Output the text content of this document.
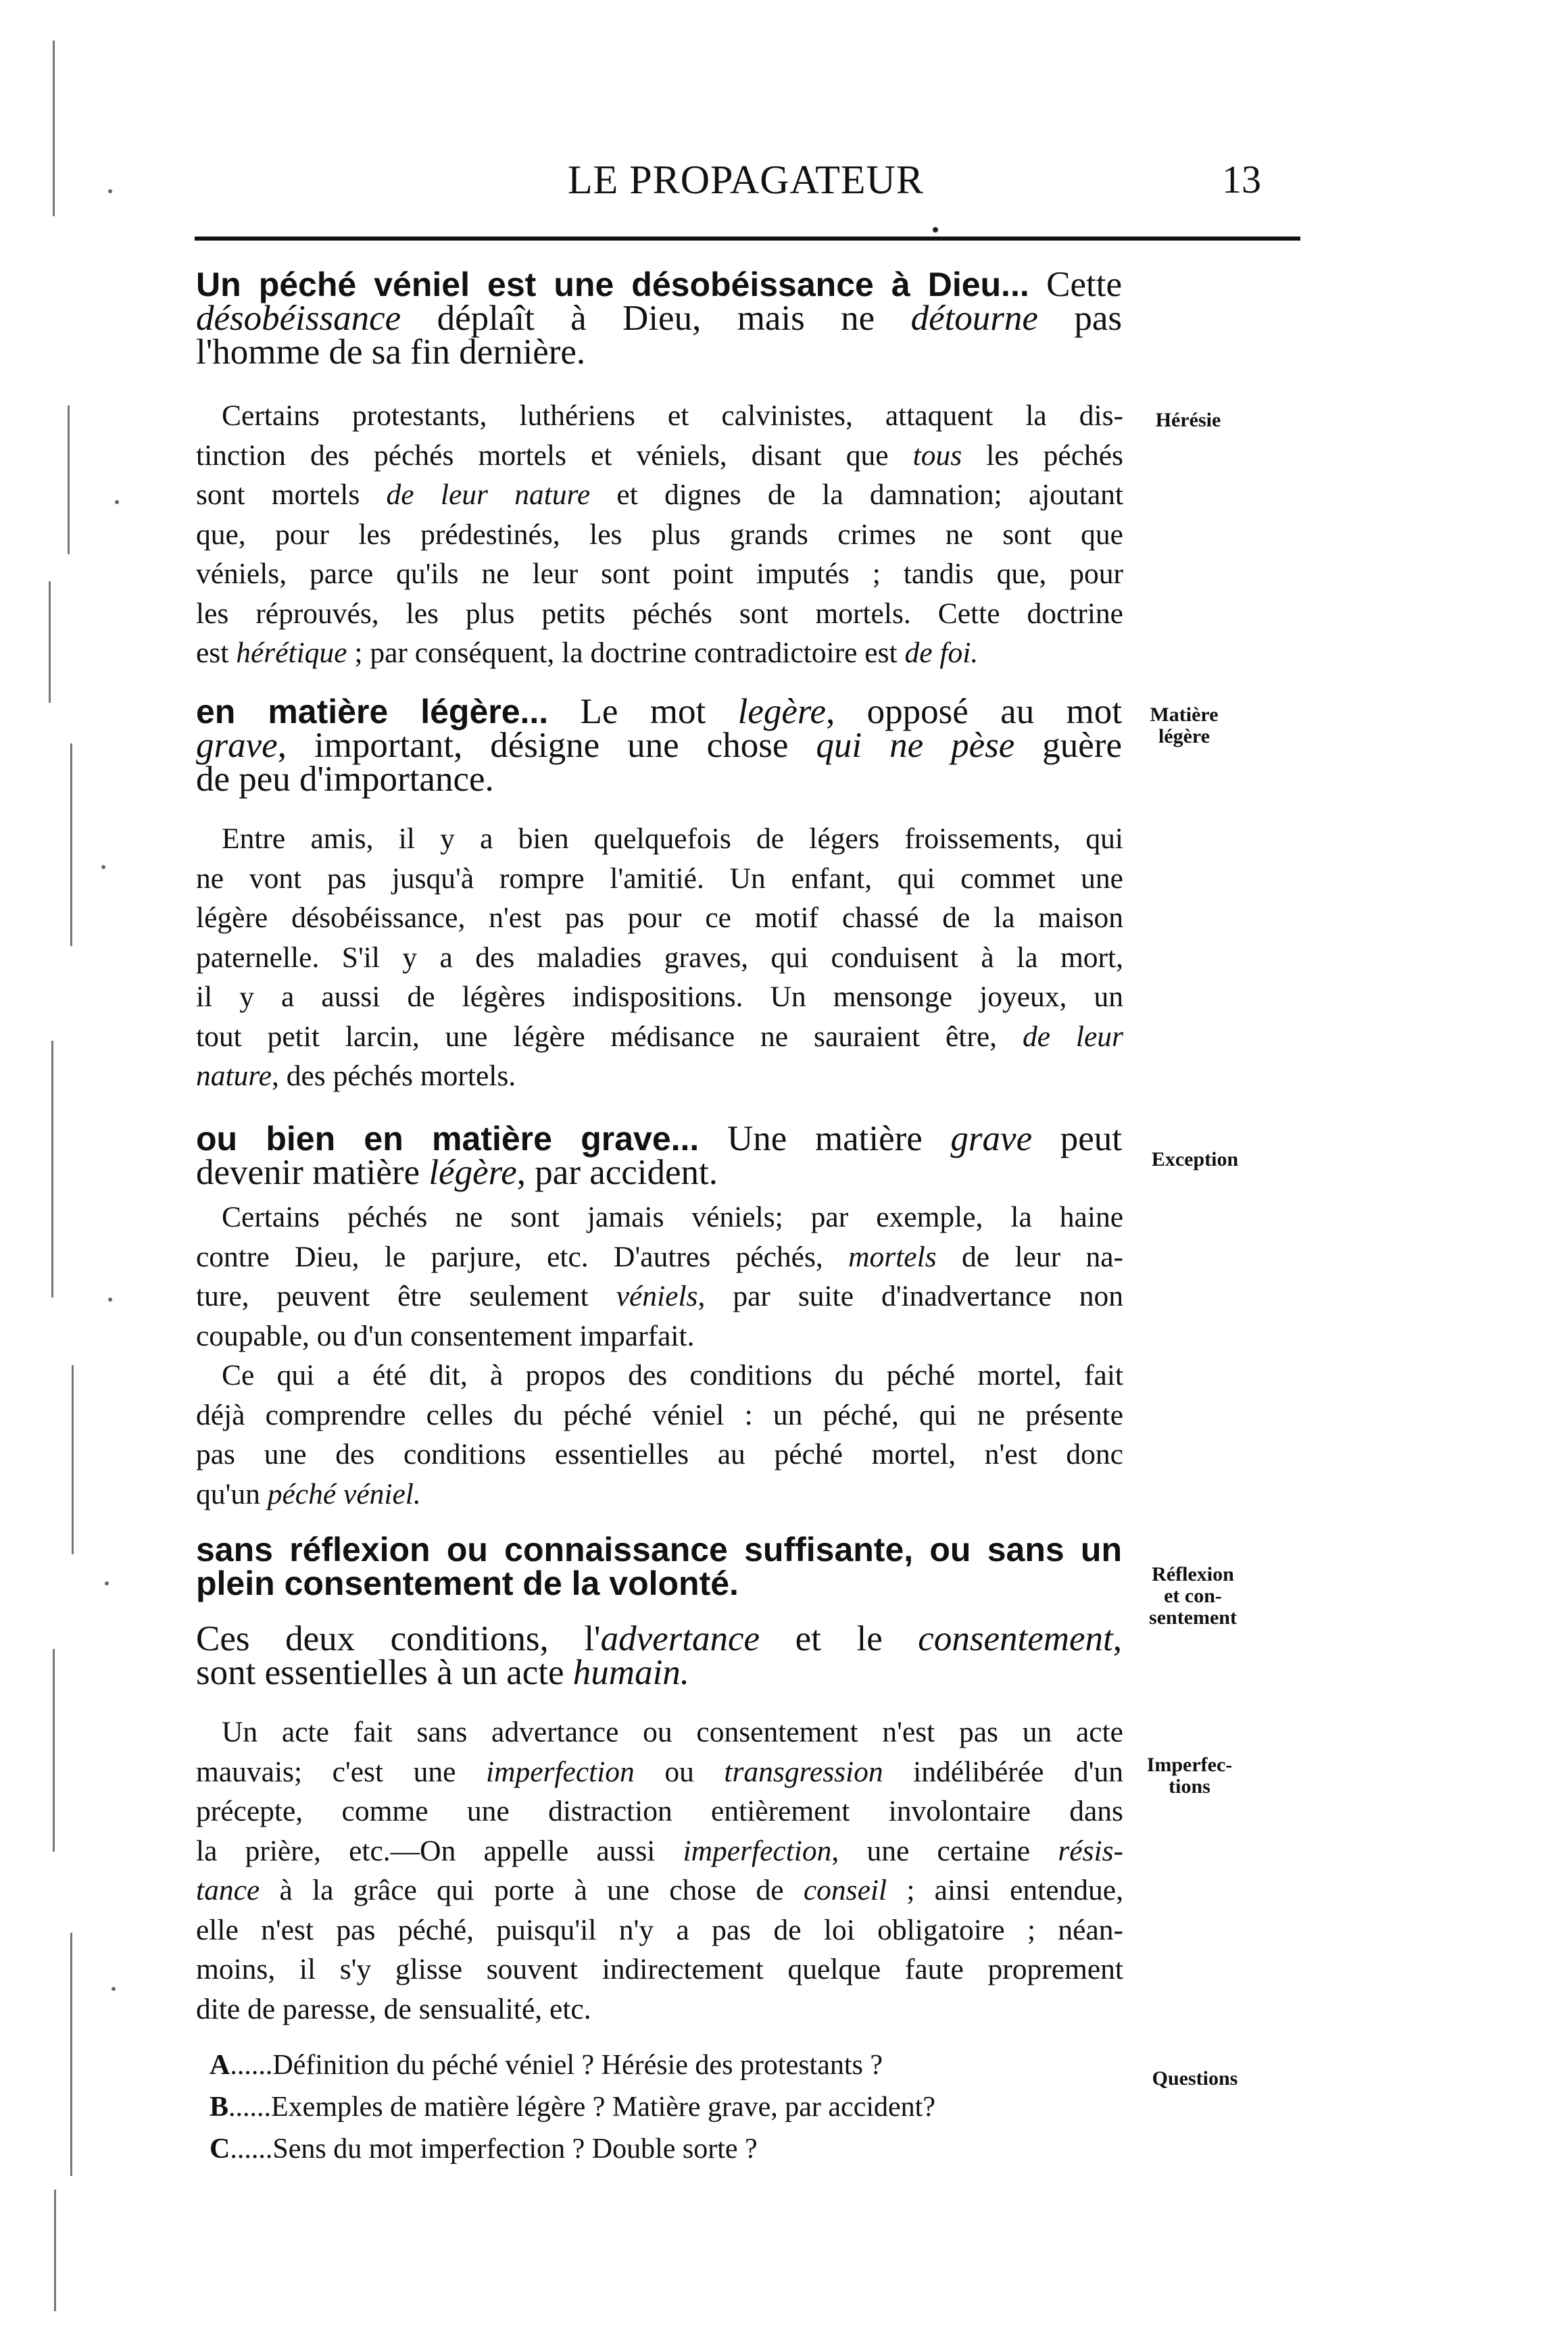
LE PROPAGATEUR	13
Un péché véniel est une désobéissance à Dieu... Cette
désobéissance déplaît à Dieu, mais ne détourne pas
l'homme de sa fin dernière.
Certains protestants, luthériens et calvinistes, attaquent la dis-
tinction des péchés mortels et véniels, disant que tous les péchés
sont mortels de leur nature et dignes de la damnation; ajoutant
que, pour les prédestinés, les plus grands crimes ne sont que
véniels, parce qu'ils ne leur sont point imputés ; tandis que, pour
les réprouvés, les plus petits péchés sont mortels. Cette doctrine
est hérétique ; par conséquent, la doctrine contradictoire est de foi.
Hérésie
en matière légère... Le mot legère, opposé au mot
grave, important, désigne une chose qui ne pèse guère
de peu d'importance.
Entre amis, il y a bien quelquefois de légers froissements, qui
ne vont pas jusqu'à rompre l'amitié. Un enfant, qui commet une
légère désobéissance, n'est pas pour ce motif chassé de la maison
paternelle. S'il y a des maladies graves, qui conduisent à la mort,
il y a aussi de légères indispositions. Un mensonge joyeux, un
tout petit larcin, une légère médisance ne sauraient être, de leur
nature, des péchés mortels.
Matière
légère
ou bien en matière grave... Une matière grave peut
devenir matière légère, par accident.
Certains péchés ne sont jamais véniels; par exemple, la haine
contre Dieu, le parjure, etc. D'autres péchés, mortels de leur na-
ture, peuvent être seulement véniels, par suite d'inadvertance non
coupable, ou d'un consentement imparfait.
Ce qui a été dit, à propos des conditions du péché mortel, fait
déjà comprendre celles du péché véniel : un péché, qui ne présente
pas une des conditions essentielles au péché mortel, n'est donc
qu'un péché véniel.
Exception
sans réflexion ou connaissance suffisante, ou sans un
plein consentement de la volonté.
Ces deux conditions, l'advertance et le consentement,
sont essentielles à un acte humain.
Réflexion
et con-
sentement
Un acte fait sans advertance ou consentement n'est pas un acte
mauvais; c'est une imperfection ou transgression indélibérée d'un
précepte, comme une distraction entièrement involontaire dans
la prière, etc.—On appelle aussi imperfection, une certaine résis-
tance à la grâce qui porte à une chose de conseil ; ainsi entendue,
elle n'est pas péché, puisqu'il n'y a pas de loi obligatoire ; néan-
moins, il s'y glisse souvent indirectement quelque faute proprement
dite de paresse, de sensualité, etc.
Imperfec-
tions
A......Définition du péché véniel ? Hérésie des protestants ?
B......Exemples de matière légère ? Matière grave, par accident?
C......Sens du mot imperfection ? Double sorte ?
Questions
